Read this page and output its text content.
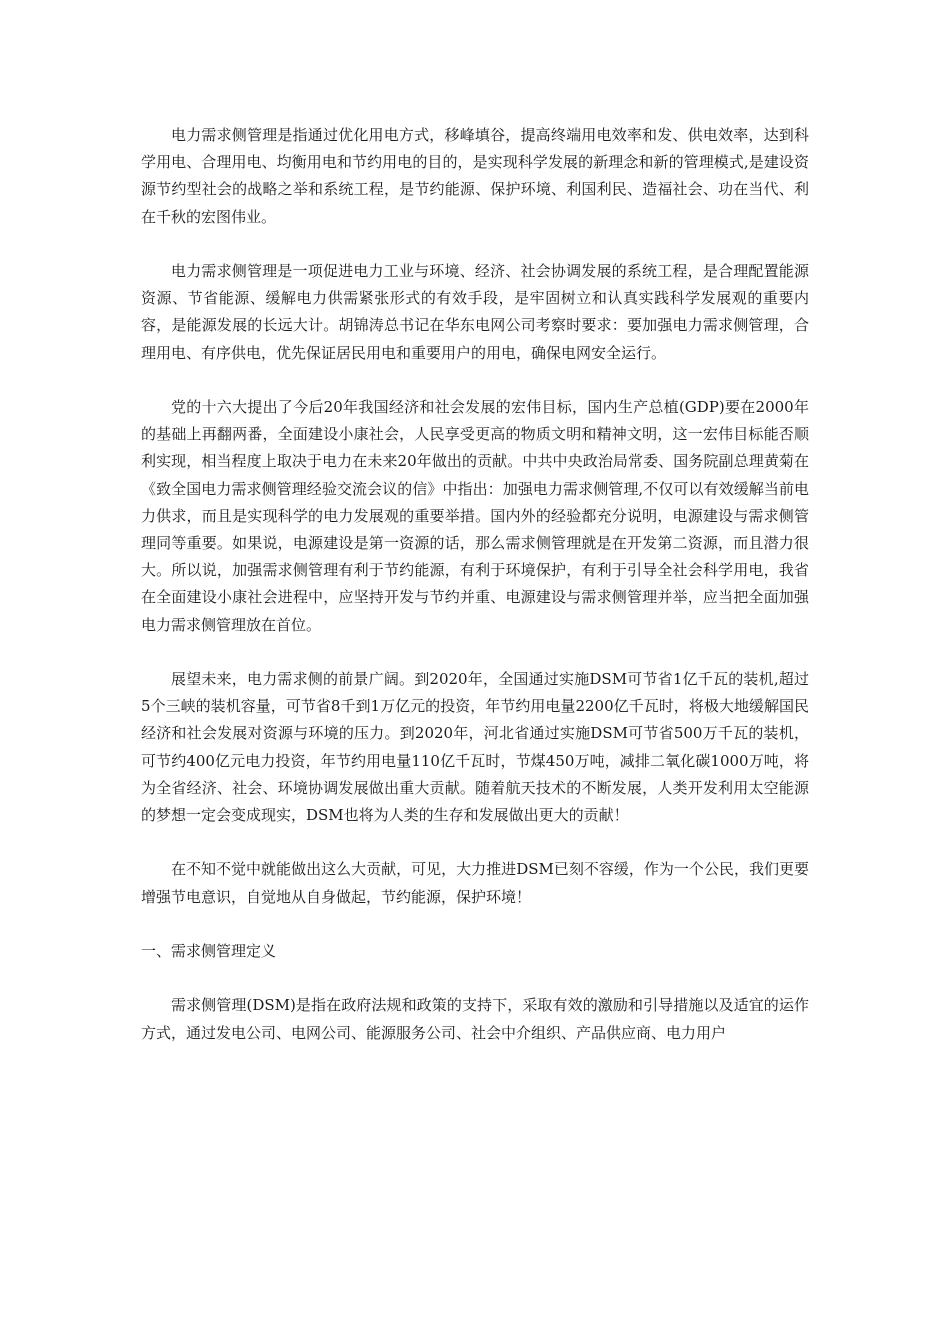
电力需求侧管理是指通过优化用电方式，移峰填谷，提高终端用电效率和发、供电效率，达到科学用电、合理用电、均衡用电和节约用电的目的，是实现科学发展的新理念和新的管理模式,是建设资源节约型社会的战略之举和系统工程，是节约能源、保护环境、利国利民、造福社会、功在当代、利在千秋的宏图伟业。

电力需求侧管理是一项促进电力工业与环境、经济、社会协调发展的系统工程，是合理配置能源资源、节省能源、缓解电力供需紧张形式的有效手段，是牢固树立和认真实践科学发展观的重要内容，是能源发展的长远大计。胡锦涛总书记在华东电网公司考察时要求：要加强电力需求侧管理，合理用电、有序供电，优先保证居民用电和重要用户的用电，确保电网安全运行。

党的十六大提出了今后20年我国经济和社会发展的宏伟目标，国内生产总植(GDP)要在2000年的基础上再翻两番，全面建设小康社会，人民享受更高的物质文明和精神文明，这一宏伟目标能否顺利实现，相当程度上取决于电力在未来20年做出的贡献。中共中央政治局常委、国务院副总理黄菊在《致全国电力需求侧管理经验交流会议的信》中指出：加强电力需求侧管理,不仅可以有效缓解当前电力供求，而且是实现科学的电力发展观的重要举措。国内外的经验都充分说明，电源建设与需求侧管理同等重要。如果说，电源建设是第一资源的话，那么需求侧管理就是在开发第二资源，而且潜力很大。所以说，加强需求侧管理有利于节约能源，有利于环境保护，有利于引导全社会科学用电，我省在全面建设小康社会进程中，应坚持开发与节约并重、电源建设与需求侧管理并举，应当把全面加强电力需求侧管理放在首位。

展望未来，电力需求侧的前景广阔。到2020年，全国通过实施DSM可节省1亿千瓦的装机,超过5个三峡的装机容量，可节省8千到1万亿元的投资，年节约用电量2200亿千瓦时，将极大地缓解国民经济和社会发展对资源与环境的压力。到2020年，河北省通过实施DSM可节省500万千瓦的装机，可节约400亿元电力投资，年节约用电量110亿千瓦时，节煤450万吨，减排二氧化碳1000万吨，将为全省经济、社会、环境协调发展做出重大贡献。随着航天技术的不断发展，人类开发利用太空能源的梦想一定会变成现实，DSM也将为人类的生存和发展做出更大的贡献！

在不知不觉中就能做出这么大贡献，可见，大力推进DSM已刻不容缓，作为一个公民，我们更要增强节电意识，自觉地从自身做起，节约能源，保护环境！

一、需求侧管理定义

需求侧管理(DSM)是指在政府法规和政策的支持下，采取有效的激励和引导措施以及适宜的运作方式，通过发电公司、电网公司、能源服务公司、社会中介组织、产品供应商、电力用户
